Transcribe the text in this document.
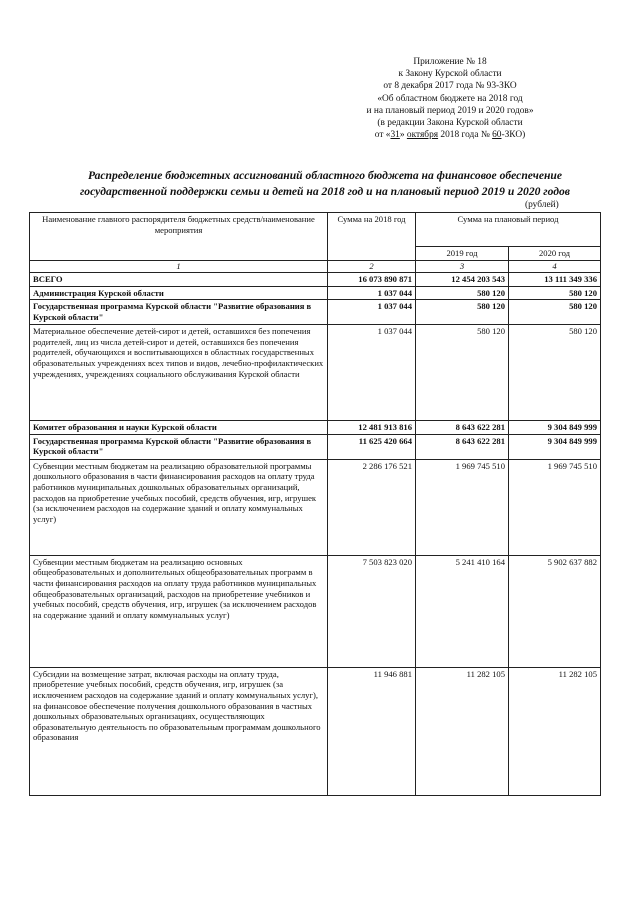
Приложение № 18
к Закону Курской области
от 8 декабря 2017 года № 93-ЗКО
«Об областном бюджете на 2018 год
и на плановый период 2019 и 2020 годов»
(в редакции Закона Курской области
от «31» октября 2018 года № 60-ЗКО)
Распределение бюджетных ассигнований областного бюджета на финансовое обеспечение
государственной поддержки семьи и детей на 2018 год и на плановый период 2019 и 2020 годов
(рублей)
Наименование главного распорядителя бюджетных средств/наименование мероприятия	Сумма на 2018 год	Сумма на плановый период	
		2019 год	2020 год
1	2	3	4
ВСЕГО	16 073 890 871	12 454 203 543	13 111 349 336
Администрация Курской области	1 037 044	580 120	580 120
Государственная программа Курской области "Развитие образования в Курской области"	1 037 044	580 120	580 120
Материальное обеспечение детей-сирот и детей, оставшихся без попечения родителей, лиц из числа детей-сирот и детей, оставшихся без попечения родителей, обучающихся и воспитывающихся в областных государственных образовательных учреждениях всех типов и видов, лечебно-профилактических учреждениях, учреждениях социального обслуживания Курской области	1 037 044	580 120	580 120
Комитет образования и науки Курской области	12 481 913 816	8 643 622 281	9 304 849 999
Государственная программа Курской области "Развитие образования в Курской области"	11 625 420 664	8 643 622 281	9 304 849 999
Субвенции местным бюджетам на реализацию образовательной программы дошкольного образования в части финансирования расходов на оплату труда работников муниципальных дошкольных образовательных организаций, расходов на приобретение учебных пособий, средств обучения, игр, игрушек (за исключением расходов на содержание зданий и оплату коммунальных услуг)	2 286 176 521	1 969 745 510	1 969 745 510
Субвенции местным бюджетам на реализацию основных общеобразовательных и дополнительных общеобразовательных программ в части финансирования расходов на оплату труда работников муниципальных общеобразовательных организаций, расходов на приобретение учебников и учебных пособий, средств обучения, игр, игрушек (за исключением расходов на содержание зданий и оплату коммунальных услуг)	7 503 823 020	5 241 410 164	5 902 637 882
Субсидии на возмещение затрат, включая расходы на оплату труда, приобретение учебных пособий, средств обучения, игр, игрушек (за исключением расходов на содержание зданий и оплату коммунальных услуг), на финансовое обеспечение получения дошкольного образования в частных дошкольных образовательных организациях, осуществляющих образовательную деятельность по образовательным программам дошкольного образования	11 946 881	11 282 105	11 282 105
